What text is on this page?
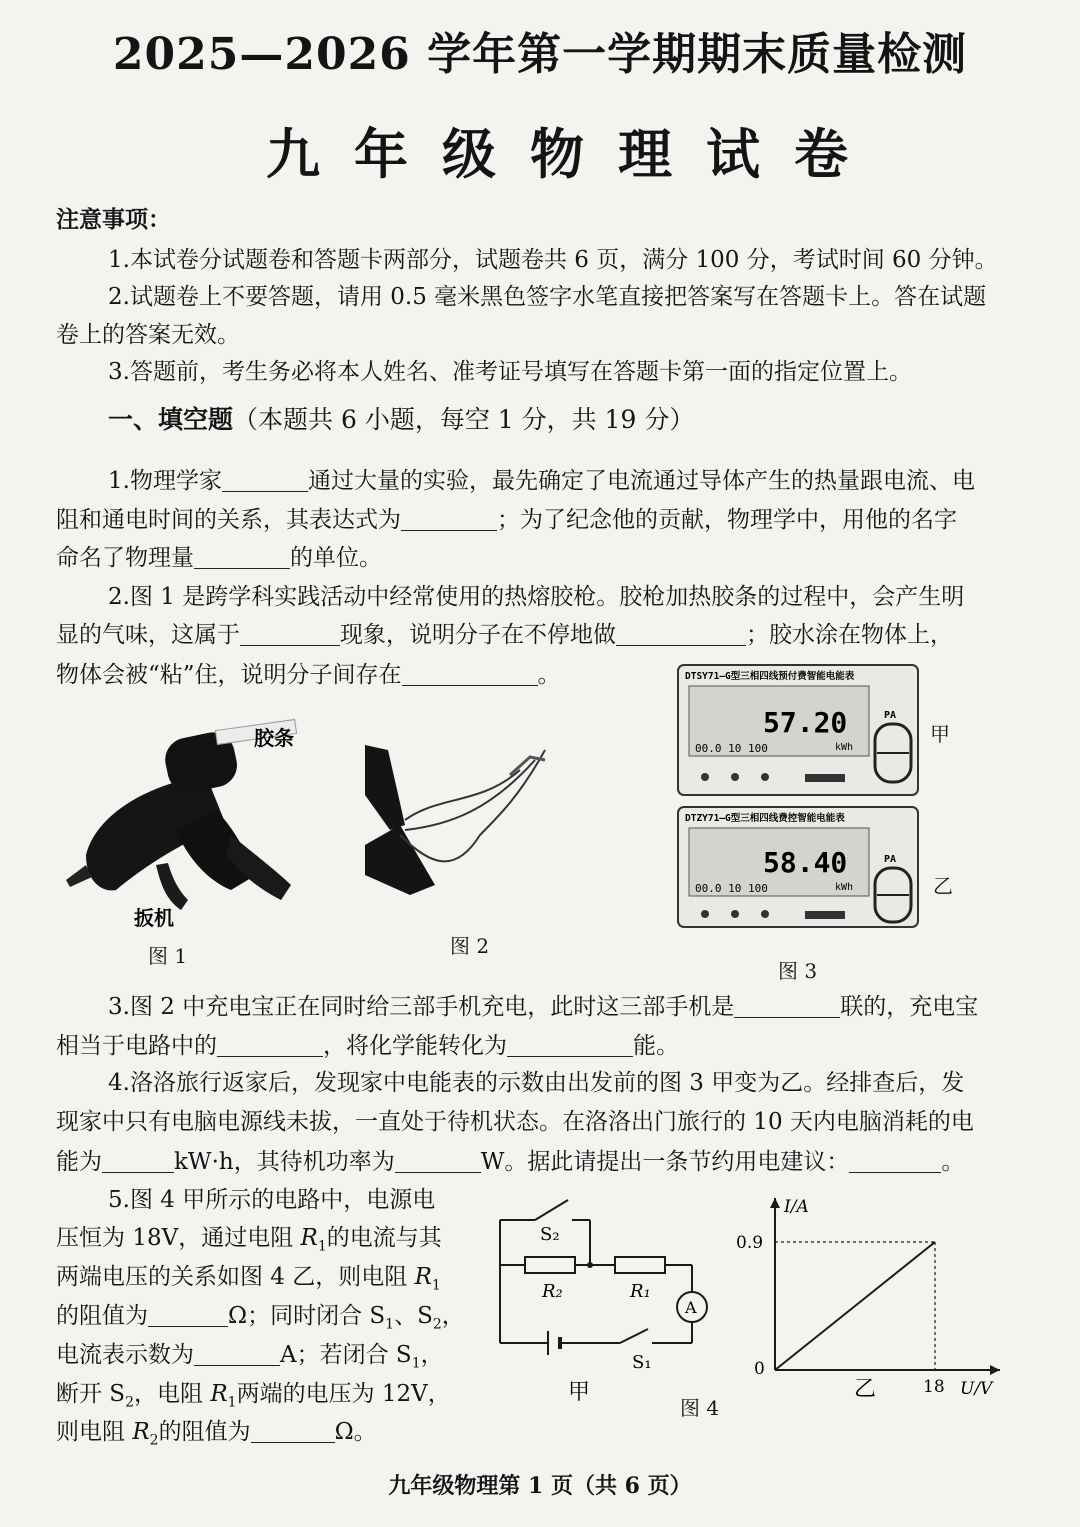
2025—2026 学年第一学期期末质量检测
九年级物理试卷
注意事项：
1.本试卷分试题卷和答题卡两部分，试题卷共 6 页，满分 100 分，考试时间 60 分钟。
2.试题卷上不要答题，请用 0.5 毫米黑色签字水笔直接把答案写在答题卡上。答在试题
卷上的答案无效。
3.答题前，考生务必将本人姓名、准考证号填写在答题卡第一面的指定位置上。
一、填空题（本题共 6 小题，每空 1 分，共 19 分）
1.物理学家	通过大量的实验，最先确定了电流通过导体产生的热量跟电流、电
阻和通电时间的关系，其表达式为	；为了纪念他的贡献，物理学中，用他的名字
命名了物理量	的单位。
2.图 1 是跨学科实践活动中经常使用的热熔胶枪。胶枪加热胶条的过程中，会产生明
显的气味，这属于	现象，说明分子在不停地做	；胶水涂在物体上，
物体会被“粘”住，说明分子间存在	。
胶条
扳机
图 1	图 2
DTSY71—G型三相四线预付费智能电能表
57.20
kWh
00.0 10 100
PA
DTZY71—G型三相四线费控智能电能表
58.40
kWh
00.0 10 100
PA
甲
乙
图 3
3.图 2 中充电宝正在同时给三部手机充电，此时这三部手机是	联的，充电宝
相当于电路中的	，将化学能转化为	能。
4.洛洛旅行返家后，发现家中电能表的示数由出发前的图 3 甲变为乙。经排查后，发
现家中只有电脑电源线未拔，一直处于待机状态。在洛洛出门旅行的 10 天内电脑消耗的电
能为	kW·h，其待机功率为	W。据此请提出一条节约用电建议：	。
5.图 4 甲所示的电路中，电源电
压恒为 18V，通过电阻 $R_1$的电流与其
两端电压的关系如图 4 乙，则电阻 $R_1$
的阻值为	Ω；同时闭合 $S_1$、$S_2$，
电流表示数为	A；若闭合 $S_1$，
断开 $S_2$，电阻 $R_1$两端的电压为 12V，
则电阻 $R_2$的阻值为	Ω。
A
S₂
R₂	R₁
S₁
甲
图 4
I/A
U/V
0
0.9
18
乙
九年级物理第 1 页（共 6 页）
